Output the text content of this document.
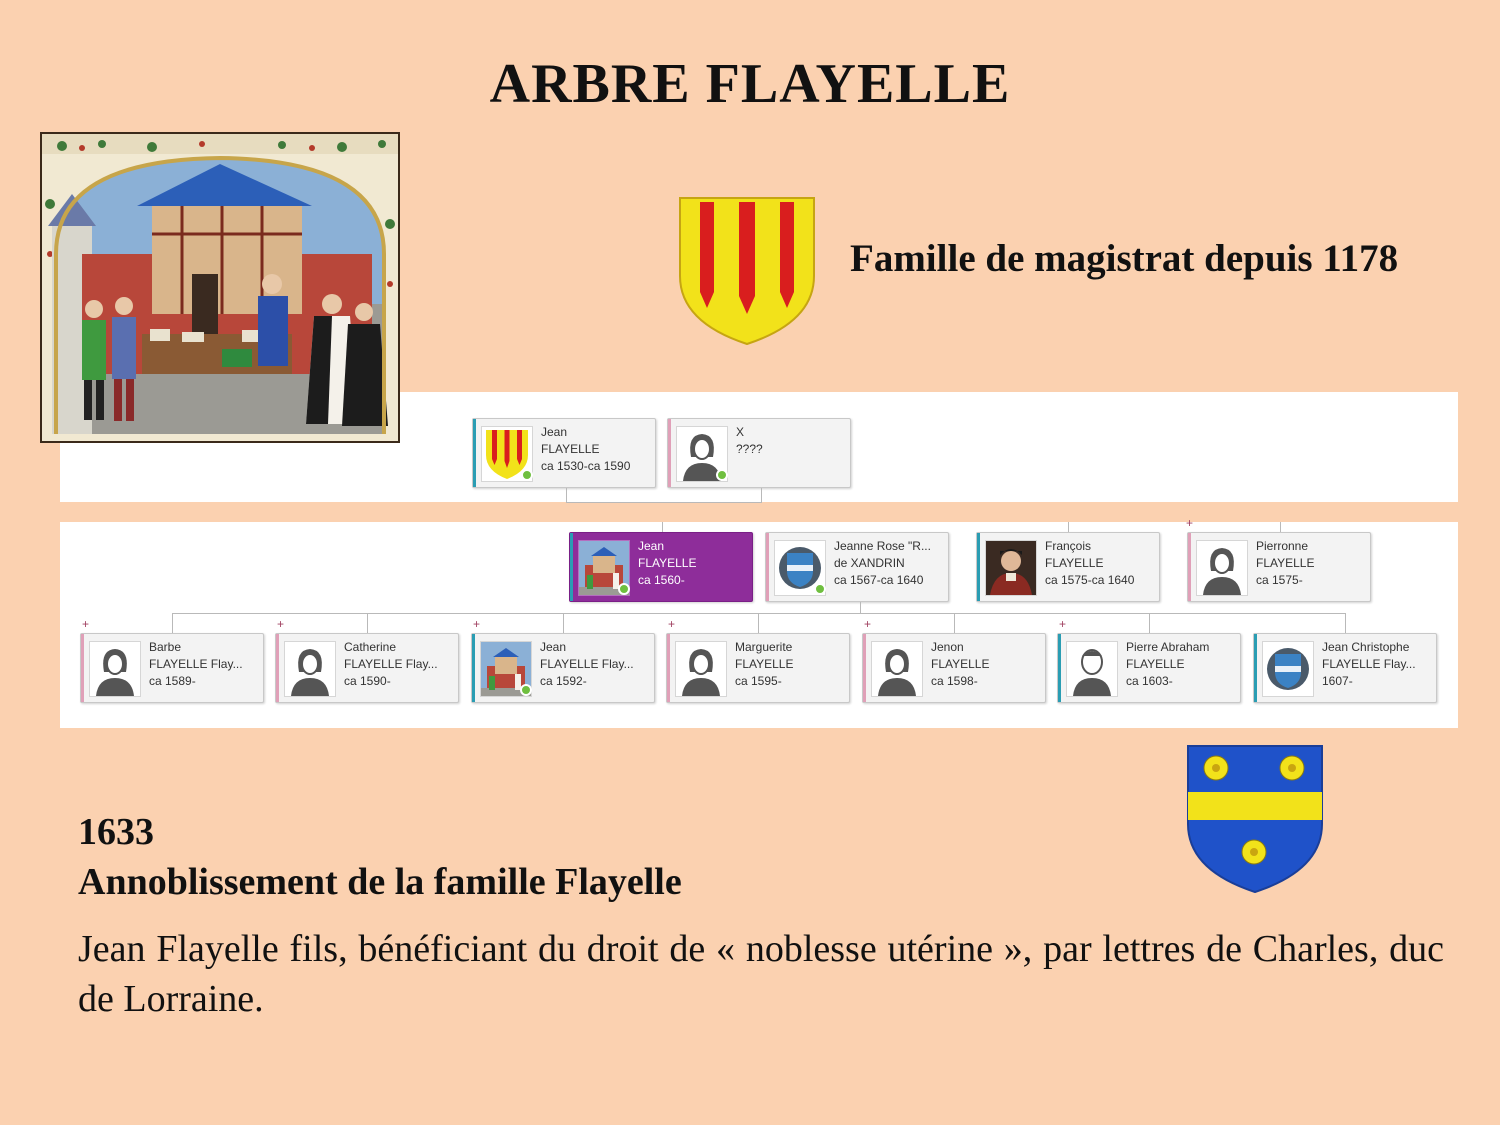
ARBRE FLAYELLE
Famille de magistrat depuis 1178
Jean
FLAYELLE
ca 1530-ca 1590
X
????
Jean
FLAYELLE
ca 1560-
Jeanne Rose "R...
de XANDRIN
ca 1567-ca 1640
François
FLAYELLE
ca 1575-ca 1640
Pierronne
FLAYELLE
ca 1575-
+
Barbe
FLAYELLE Flay...
ca 1589-
+
Catherine
FLAYELLE Flay...
ca 1590-
+
Jean
FLAYELLE Flay...
ca 1592-
+
Marguerite
FLAYELLE
ca 1595-
+
Jenon
FLAYELLE
ca 1598-
+
Pierre Abraham
FLAYELLE
ca 1603-
+
Jean Christophe
FLAYELLE Flay...
1607-
1633
Annoblissement de la famille Flayelle
Jean Flayelle fils, bénéficiant du droit de « noblesse utérine », par lettres de Charles, duc de Lorraine.
